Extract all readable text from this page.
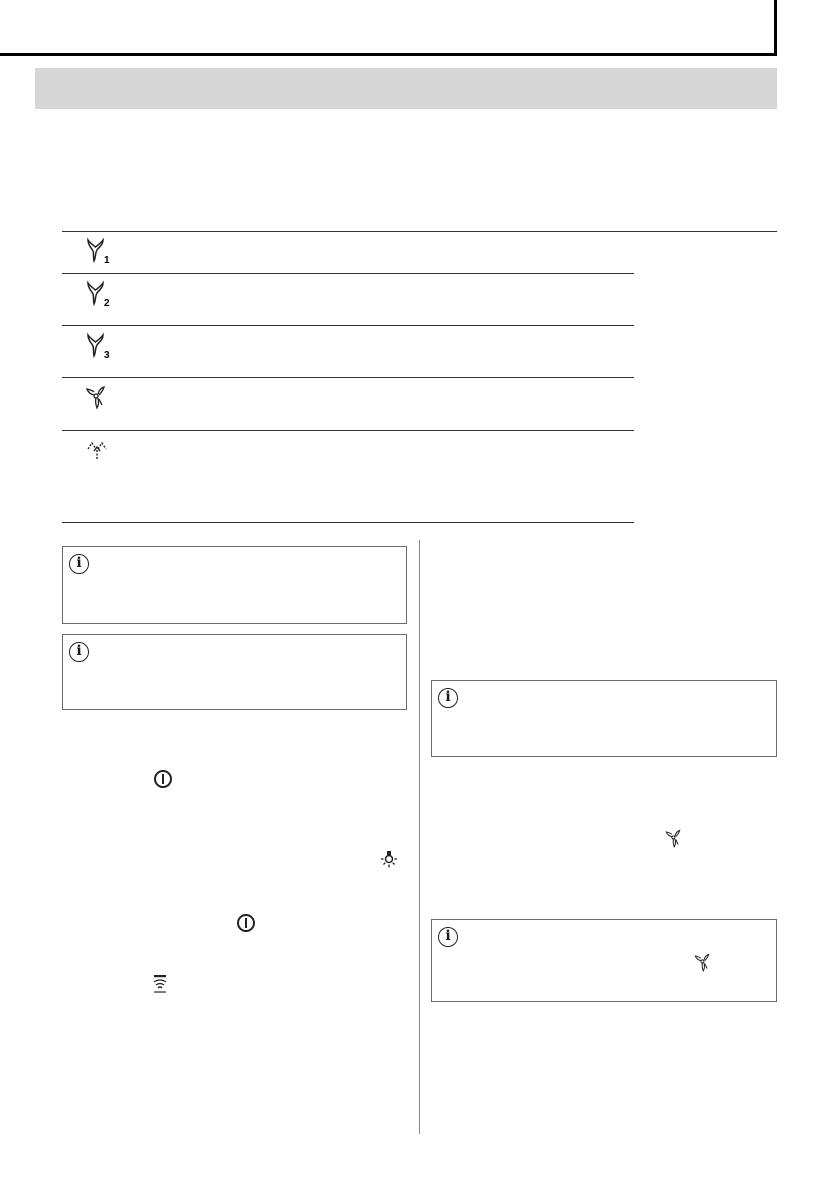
1
2
3
i
i
i
i
